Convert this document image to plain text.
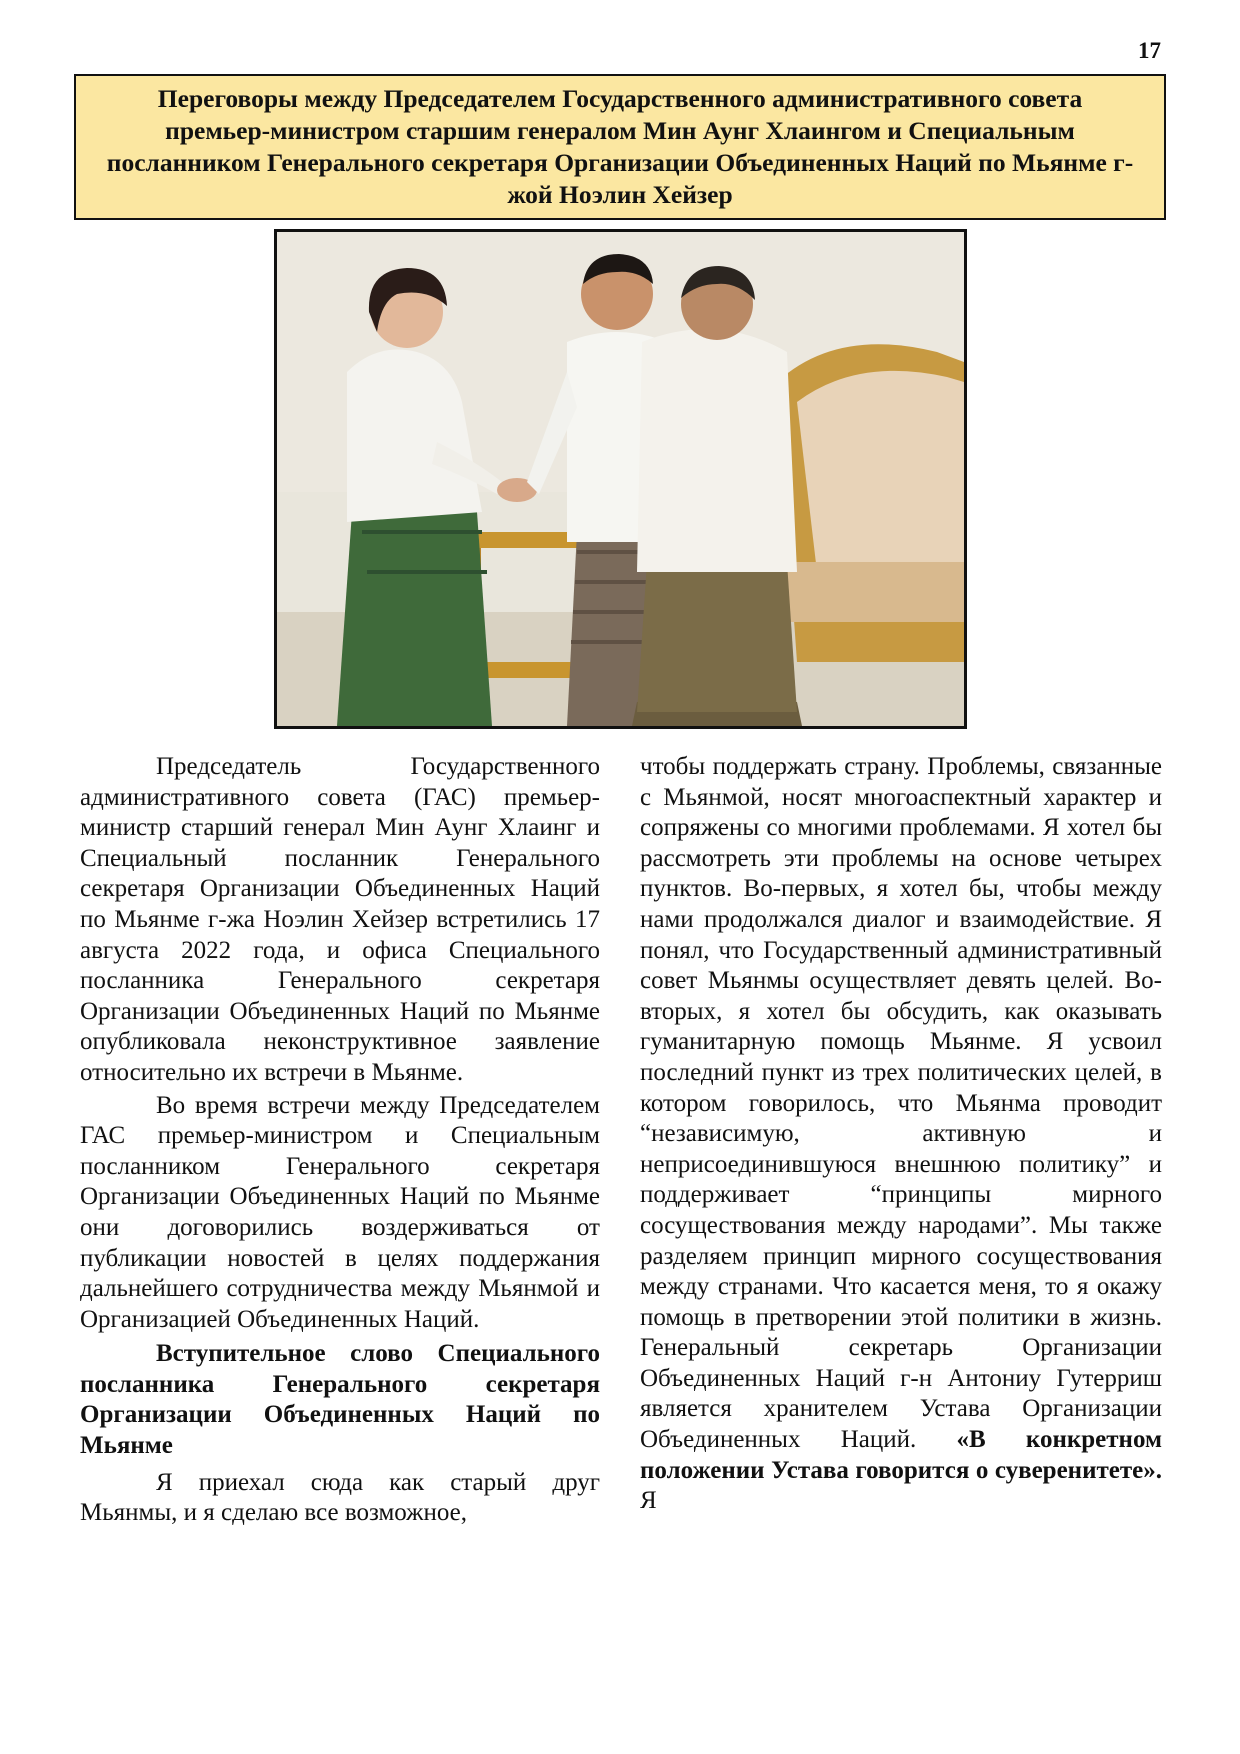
17
Переговоры между Председателем Государственного административного совета премьер-министром старшим генералом Мин Аунг Хлаингом и Специальным посланником Генерального секретаря Организации Объединенных Наций по Мьянме г-жой Ноэлин Хейзер

Председатель Государственного административного совета (ГАС) премьер-министр старший генерал Мин Аунг Хлаинг и Специальный посланник Генерального секретаря Организации Объединенных Наций по Мьянме г-жа Ноэлин Хейзер встретились 17 августа 2022 года, и офиса Специального посланника Генерального секретаря Организации Объединенных Наций по Мьянме опубликовала неконструктивное заявление относительно их встречи в Мьянме.

Во время встречи между Председателем ГАС премьер-министром и Специальным посланником Генерального секретаря Организации Объединенных Наций по Мьянме они договорились воздерживаться от публикации новостей в целях поддержания дальнейшего сотрудничества между Мьянмой и Организацией Объединенных Наций.

Вступительное слово Специального посланника Генерального секретаря Организации Объединенных Наций по Мьянме

Я приехал сюда как старый друг Мьянмы, и я сделаю все возможное,

чтобы поддержать страну. Проблемы, связанные с Мьянмой, носят многоаспектный характер и сопряжены со многими проблемами. Я хотел бы рассмотреть эти проблемы на основе четырех пунктов. Во-первых, я хотел бы, чтобы между нами продолжался диалог и взаимодействие. Я понял, что Государственный административный совет Мьянмы осуществляет девять целей. Во-вторых, я хотел бы обсудить, как оказывать гуманитарную помощь Мьянме. Я усвоил последний пункт из трех политических целей, в котором говорилось, что Мьянма проводит “независимую, активную и неприсоединившуюся внешнюю политику” и поддерживает “принципы мирного сосуществования между народами”. Мы также разделяем принцип мирного сосуществования между странами. Что касается меня, то я окажу помощь в претворении этой политики в жизнь. Генеральный секретарь Организации Объединенных Наций г-н Антониу Гутерриш является хранителем Устава Организации Объединенных Наций. «В конкретном положении Устава говорится о суверенитете». Я
